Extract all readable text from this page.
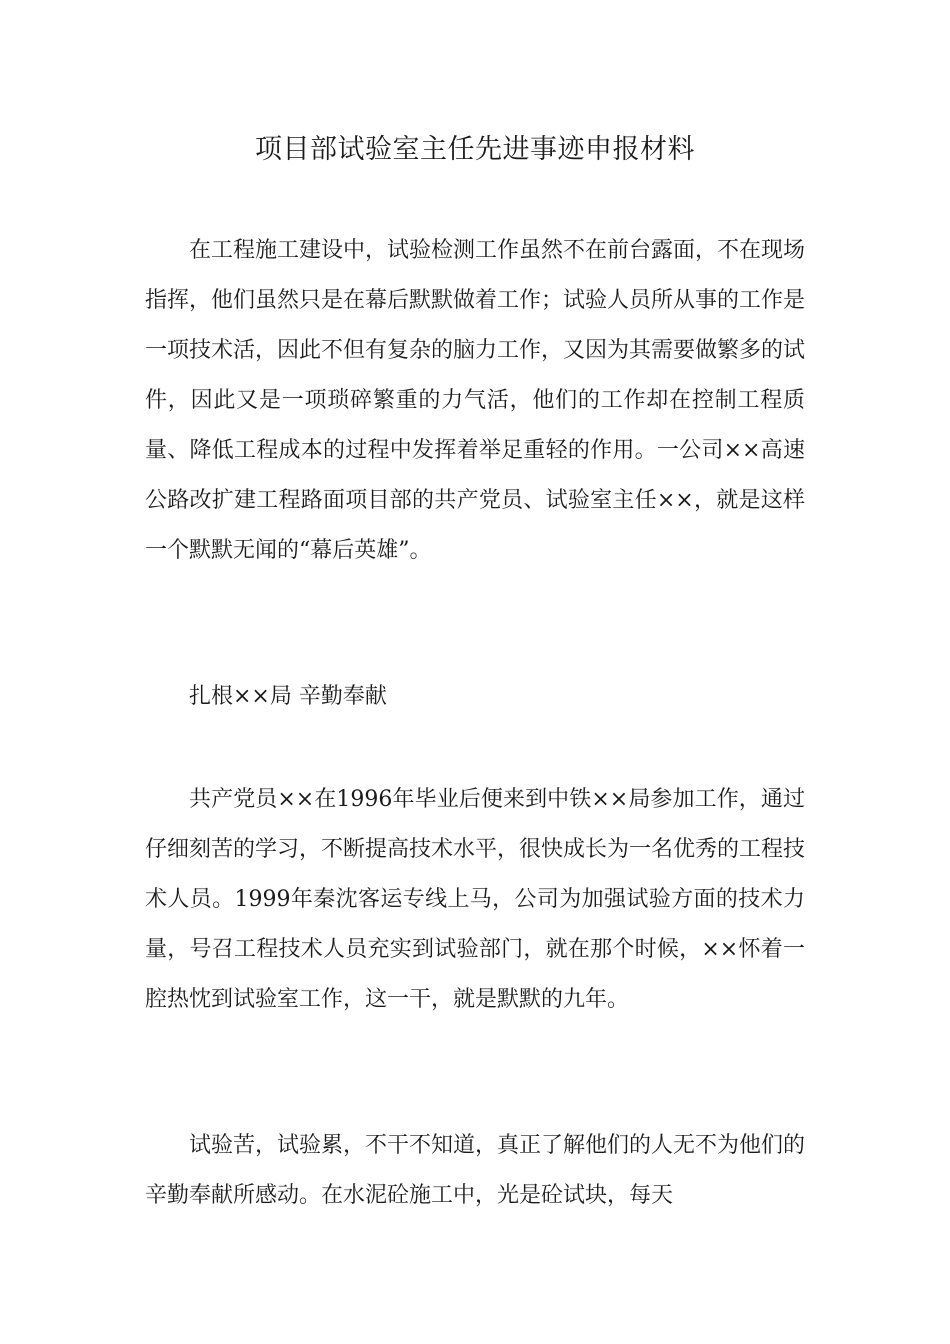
项目部试验室主任先进事迹申报材料

在工程施工建设中，试验检测工作虽然不在前台露面，不在现场指挥，他们虽然只是在幕后默默做着工作；试验人员所从事的工作是一项技术活，因此不但有复杂的脑力工作，又因为其需要做繁多的试件，因此又是一项琐碎繁重的力气活，他们的工作却在控制工程质量、降低工程成本的过程中发挥着举足重轻的作用。一公司××高速公路改扩建工程路面项目部的共产党员、试验室主任××，就是这样一个默默无闻的“幕后英雄”。

扎根××局 辛勤奉献

共产党员××在1996年毕业后便来到中铁××局参加工作，通过仔细刻苦的学习，不断提高技术水平，很快成长为一名优秀的工程技术人员。1999年秦沈客运专线上马，公司为加强试验方面的技术力量，号召工程技术人员充实到试验部门，就在那个时候，××怀着一腔热忱到试验室工作，这一干，就是默默的九年。

试验苦，试验累，不干不知道，真正了解他们的人无不为他们的辛勤奉献所感动。在水泥砼施工中，光是砼试块，每天
